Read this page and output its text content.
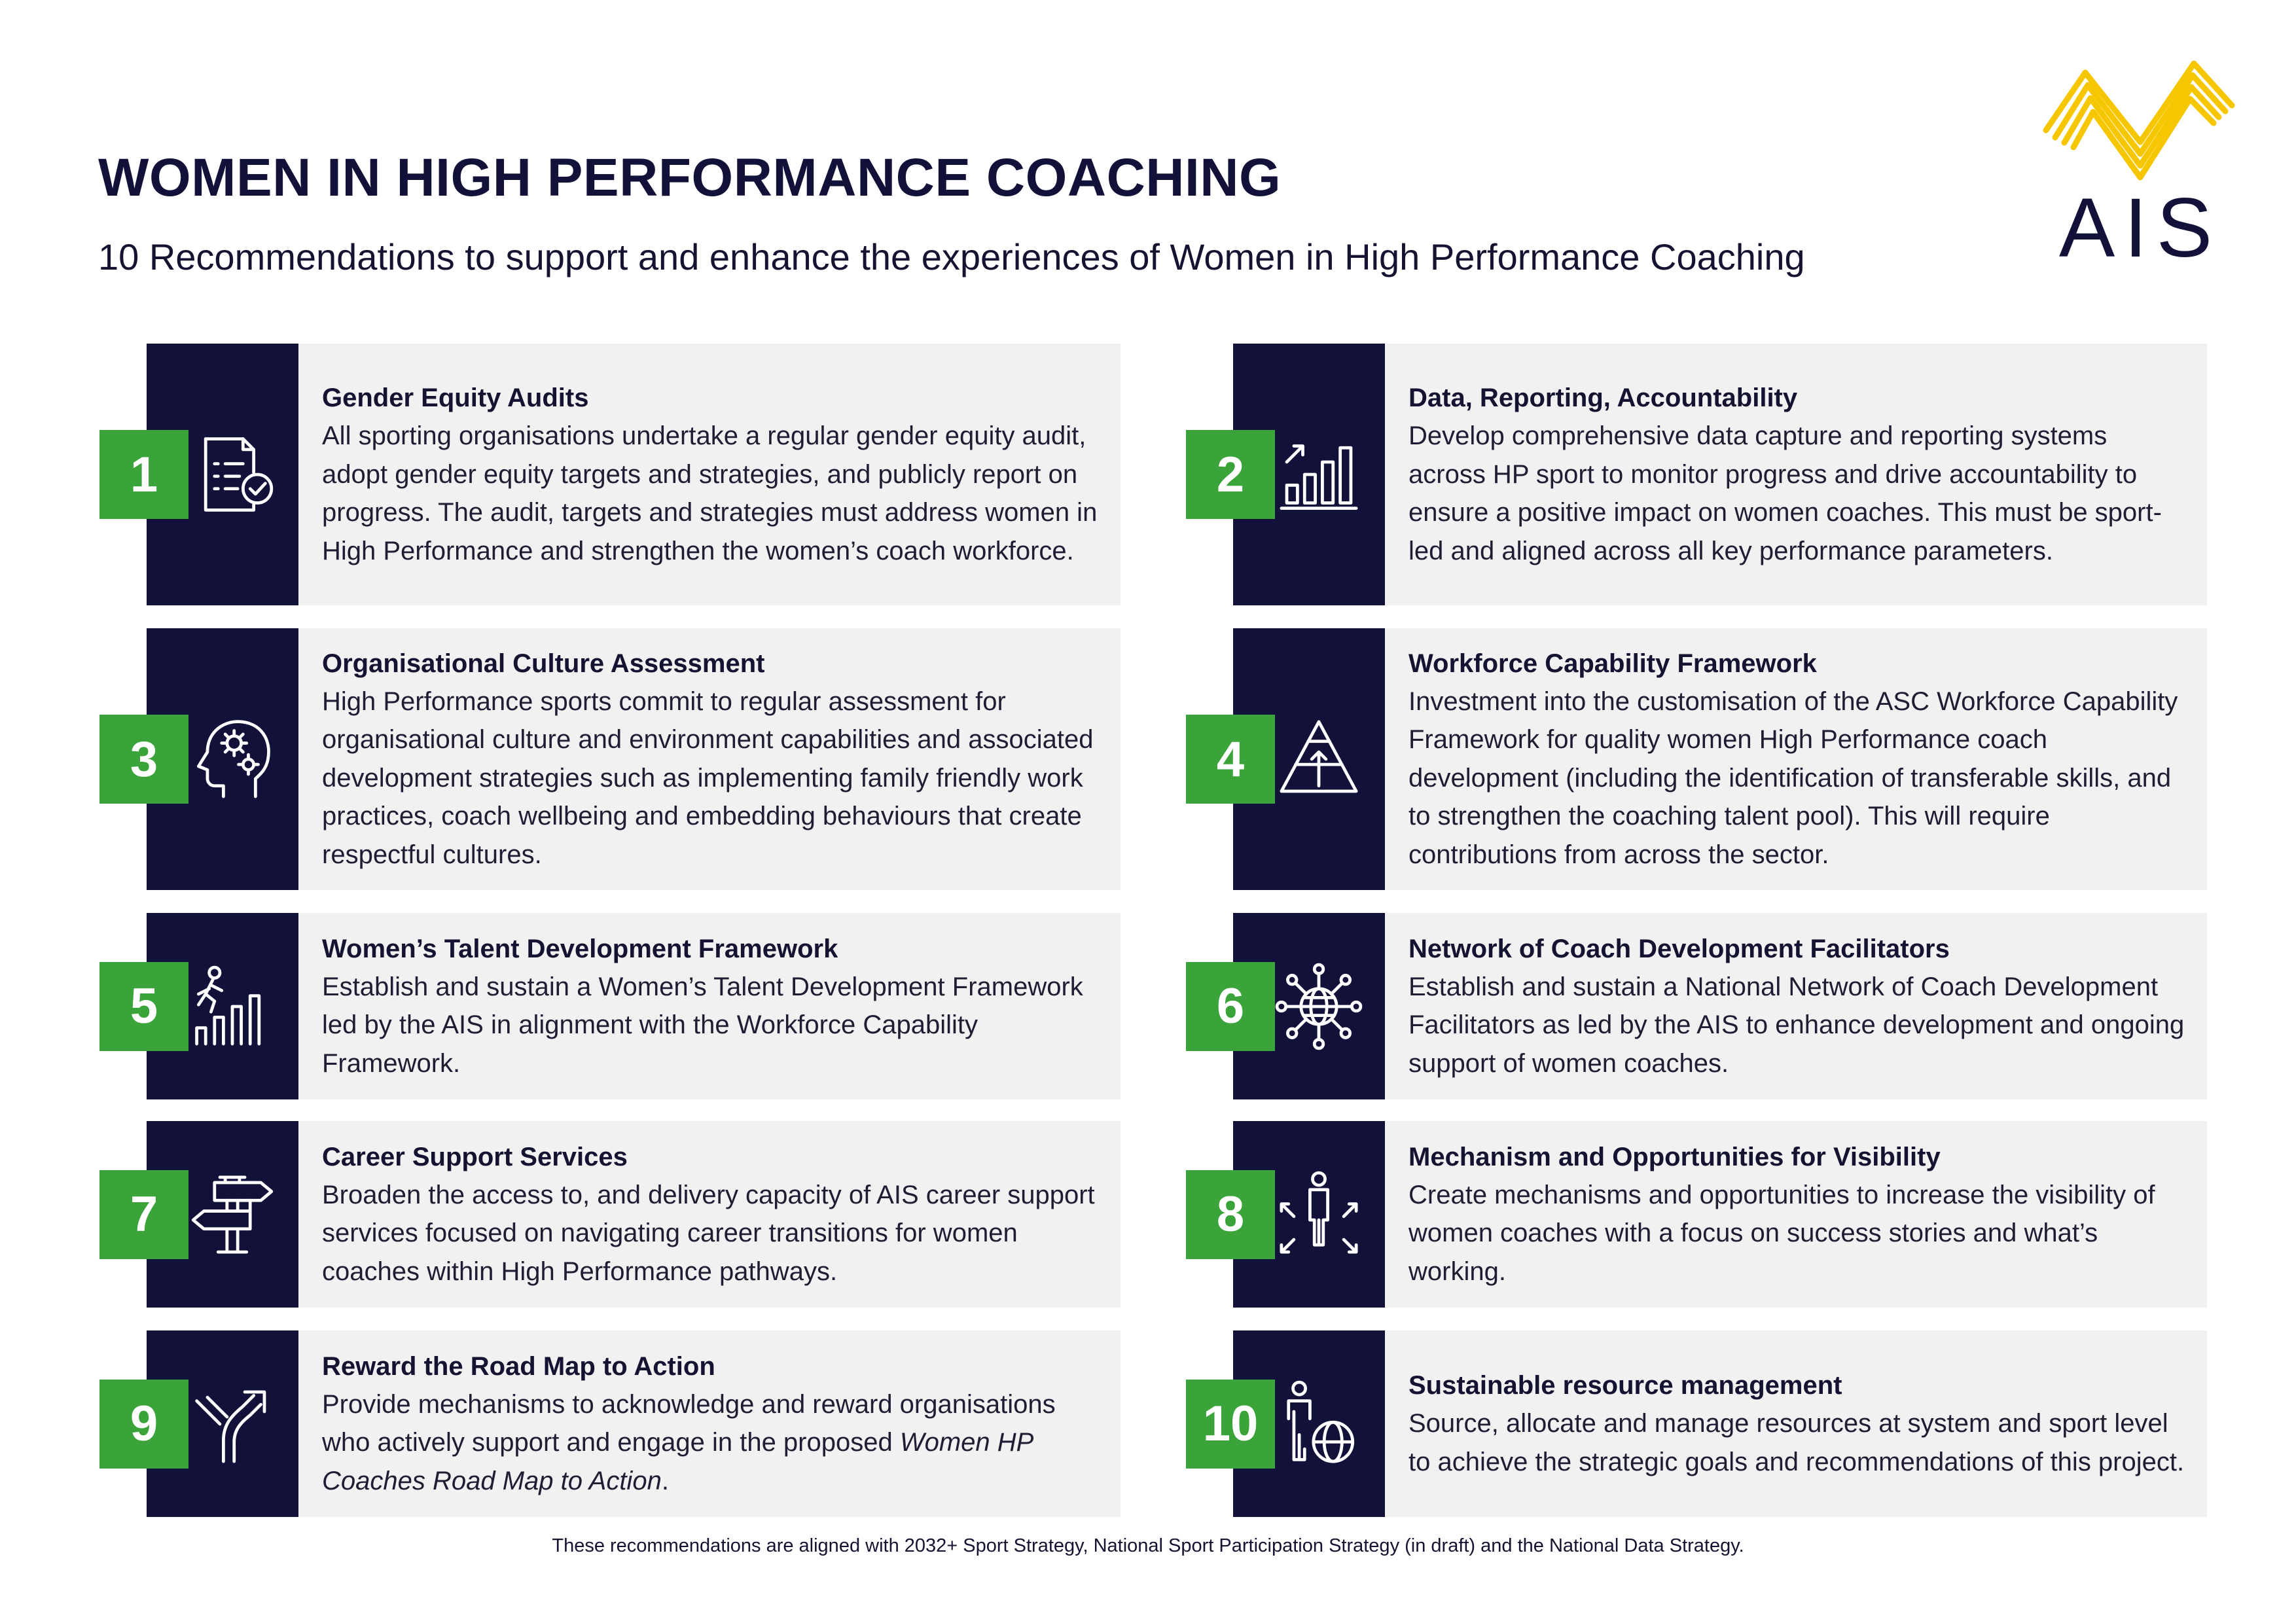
WOMEN IN HIGH PERFORMANCE COACHING

10 Recommendations to support and enhance the experiences of Women in High Performance Coaching	AIS
1
Gender Equity Audits
All sporting organisations undertake a regular gender equity audit, adopt gender equity targets and strategies, and publicly report on progress. The audit, targets and strategies must address women in High Performance and strengthen the women’s coach workforce.
2
Data, Reporting, Accountability
Develop comprehensive data capture and reporting systems across HP sport to monitor progress and drive accountability to ensure a positive impact on women coaches. This must be sport-led and aligned across all key performance parameters.
3
Organisational Culture Assessment
High Performance sports commit to regular assessment for organisational culture and environment capabilities and associated development strategies such as implementing family friendly work practices, coach wellbeing and embedding behaviours that create respectful cultures.
4
Workforce Capability Framework
Investment into the customisation of the ASC Workforce Capability Framework for quality women High Performance coach development (including the identification of transferable skills, and to strengthen the coaching talent pool). This will require contributions from across the sector.
5
Women’s Talent Development Framework
Establish and sustain a Women’s Talent Development Framework led by the AIS in alignment with the Workforce Capability Framework.
6
Network of Coach Development Facilitators
Establish and sustain a National Network of Coach Development Facilitators as led by the AIS to enhance development and ongoing support of women coaches.
7
Career Support Services
Broaden the access to, and delivery capacity of AIS career support services focused on navigating career transitions for women coaches within High Performance pathways.
8
Mechanism and Opportunities for Visibility
Create mechanisms and opportunities to increase the visibility of women coaches with a focus on success stories and what’s working.
9
Reward the Road Map to Action
Provide mechanisms to acknowledge and reward organisations who actively support and engage in the proposed Women HP Coaches Road Map to Action.
10
Sustainable resource management
Source, allocate and manage resources at system and sport level to achieve the strategic goals and recommendations of this project.
These recommendations are aligned with 2032+ Sport Strategy, National Sport Participation Strategy (in draft) and the National Data Strategy.
